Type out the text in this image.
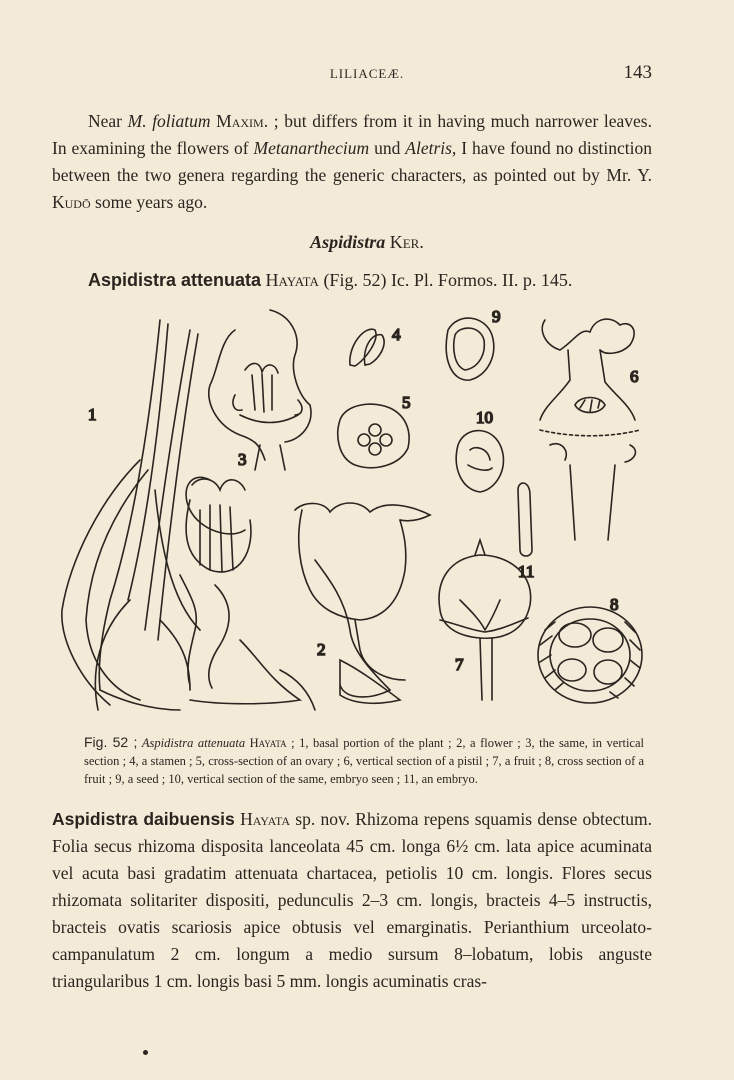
LILIACEÆ.	143
Near M. foliatum Maxim. ; but differs from it in having much narrower leaves. In examining the flowers of Metanarthecium und Aletris, I have found no distinction between the two genera regarding the generic characters, as pointed out by Mr. Y. Kudō some years ago.
Aspidistra Ker.
Aspidistra attenuata Hayata (Fig. 52) Ic. Pl. Formos. II. p. 145.
1
3
4
5
9
10
11
6
2
7
8
Fig. 52 ; Aspidistra attenuata Hayata ; 1, basal portion of the plant ; 2, a flower ; 3, the same, in vertical section ; 4, a stamen ; 5, cross-section of an ovary ; 6, vertical section of a pistil ; 7, a fruit ; 8, cross section of a fruit ; 9, a seed ; 10, vertical section of the same, embryo seen ; 11, an embryo.
Aspidistra daibuensis Hayata sp. nov. Rhizoma repens squamis dense obtectum. Folia secus rhizoma disposita lanceolata 45 cm. longa 6½ cm. lata apice acuminata vel acuta basi gradatim attenuata chartacea, petiolis 10 cm. longis. Flores secus rhizomata solitariter dispositi, pedunculis 2–3 cm. longis, bracteis 4–5 instructis, bracteis ovatis scariosis apice obtusis vel emarginatis. Perianthium urceolato-campanulatum 2 cm. longum a medio sursum 8–lobatum, lobis anguste triangularibus 1 cm. longis basi 5 mm. longis acuminatis cras-
